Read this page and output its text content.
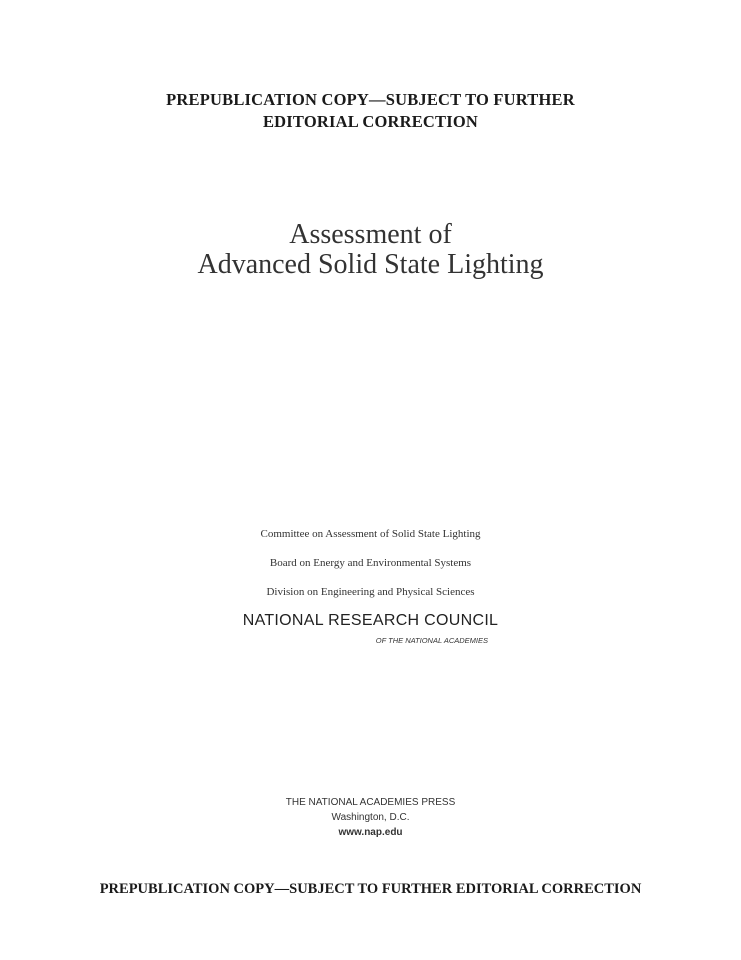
PREPUBLICATION COPY—SUBJECT TO FURTHER
EDITORIAL CORRECTION
Assessment of
Advanced Solid State Lighting
Committee on Assessment of Solid State Lighting
Board on Energy and Environmental Systems
Division on Engineering and Physical Sciences
NATIONAL RESEARCH COUNCIL
OF THE NATIONAL ACADEMIES
THE NATIONAL ACADEMIES PRESS
Washington, D.C.
www.nap.edu
PREPUBLICATION COPY—SUBJECT TO FURTHER EDITORIAL CORRECTION
